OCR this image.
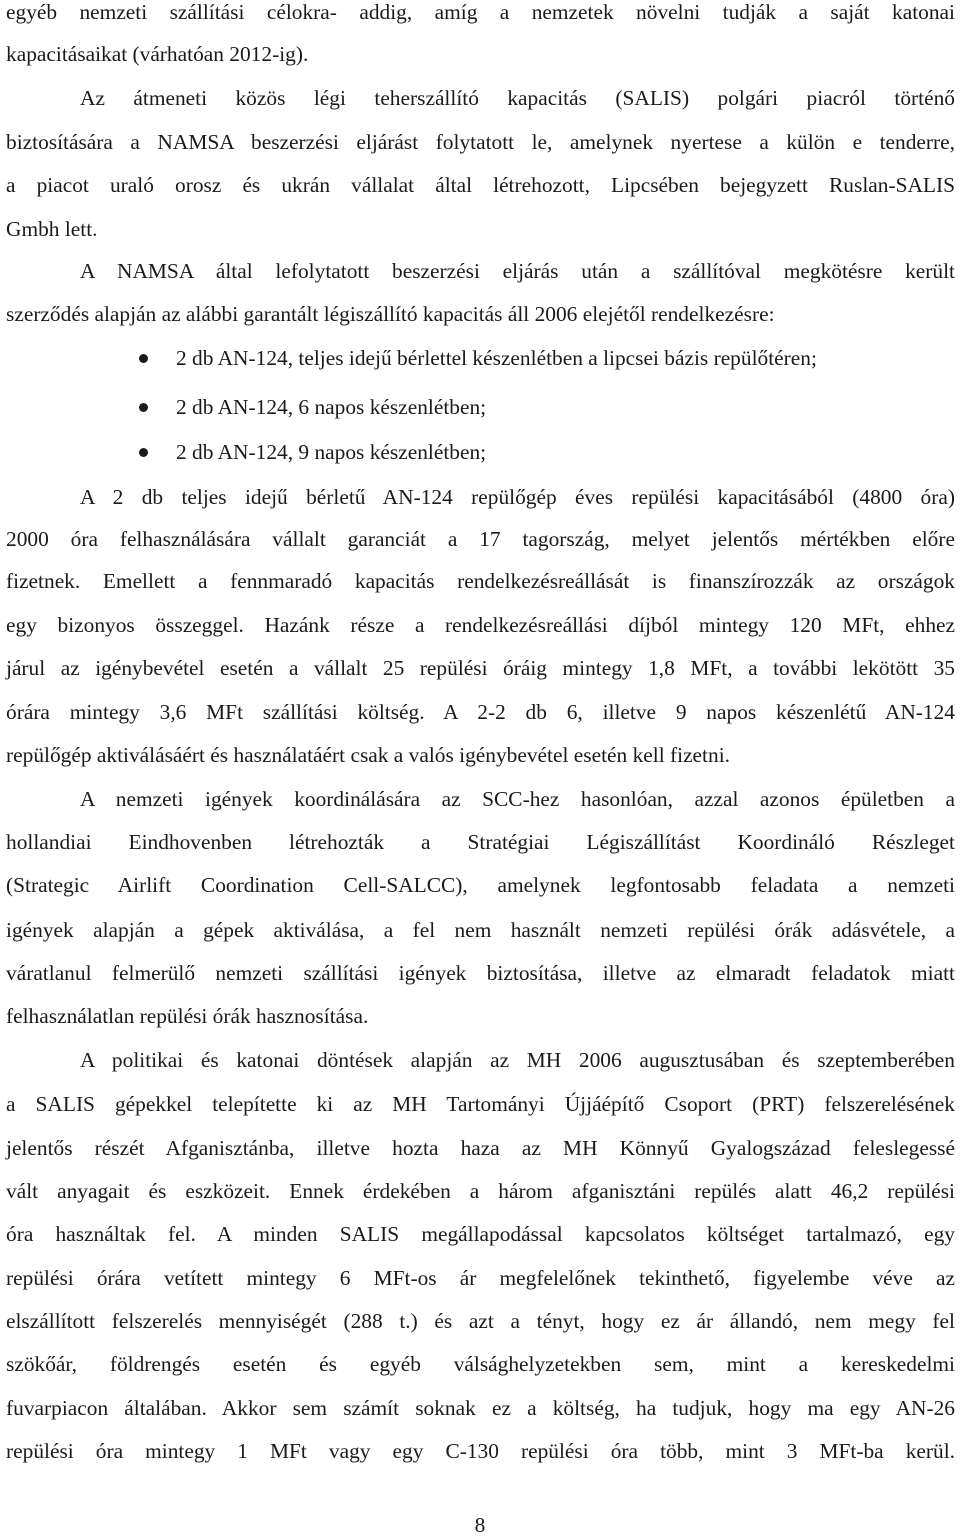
egyéb nemzeti szállítási célokra- addig, amíg a nemzetek növelni tudják a saját katonai
kapacitásaikat (várhatóan 2012-ig).
Az átmeneti közös légi teherszállító kapacitás (SALIS) polgári piacról történő
biztosítására a NAMSA beszerzési eljárást folytatott le, amelynek nyertese a külön e tenderre,
a piacot uraló orosz és ukrán vállalat által létrehozott, Lipcsében bejegyzett Ruslan-SALIS
Gmbh lett.
A NAMSA által lefolytatott beszerzési eljárás után a szállítóval megkötésre került
szerződés alapján az alábbi garantált légiszállító kapacitás áll 2006 elejétől rendelkezésre:
2 db AN-124, teljes idejű bérlettel készenlétben a lipcsei bázis repülőtéren;
2 db AN-124, 6 napos készenlétben;
2 db AN-124, 9 napos készenlétben;
A 2 db teljes idejű bérletű AN-124 repülőgép éves repülési kapacitásából (4800 óra)
2000 óra felhasználására vállalt garanciát a 17 tagország, melyet jelentős mértékben előre
fizetnek. Emellett a fennmaradó kapacitás rendelkezésreállását is finanszírozzák az országok
egy bizonyos összeggel. Hazánk része a rendelkezésreállási díjból mintegy 120 MFt, ehhez
járul az igénybevétel esetén a vállalt 25 repülési óráig mintegy 1,8 MFt, a további lekötött 35
órára mintegy 3,6 MFt szállítási költség. A 2-2 db 6, illetve 9 napos készenlétű AN-124
repülőgép aktiválásáért és használatáért csak a valós igénybevétel esetén kell fizetni.
A nemzeti igények koordinálására az SCC-hez hasonlóan, azzal azonos épületben a
hollandiai Eindhovenben létrehozták a Stratégiai Légiszállítást Koordináló Részleget
(Strategic Airlift Coordination Cell-SALCC), amelynek legfontosabb feladata a nemzeti
igények alapján a gépek aktiválása, a fel nem használt nemzeti repülési órák adásvétele, a
váratlanul felmerülő nemzeti szállítási igények biztosítása, illetve az elmaradt feladatok miatt
felhasználatlan repülési órák hasznosítása.
A politikai és katonai döntések alapján az MH 2006 augusztusában és szeptemberében
a SALIS gépekkel telepítette ki az MH Tartományi Újjáépítő Csoport (PRT) felszerelésének
jelentős részét Afganisztánba, illetve hozta haza az MH Könnyű Gyalogszázad feleslegessé
vált anyagait és eszközeit. Ennek érdekében a három afganisztáni repülés alatt 46,2 repülési
óra használtak fel. A minden SALIS megállapodással kapcsolatos költséget tartalmazó, egy
repülési órára vetített mintegy 6 MFt-os ár megfelelőnek tekinthető, figyelembe véve az
elszállított felszerelés mennyiségét (288 t.) és azt a tényt, hogy ez ár állandó, nem megy fel
szökőár, földrengés esetén és egyéb válsághelyzetekben sem, mint a kereskedelmi
fuvarpiacon általában. Akkor sem számít soknak ez a költség, ha tudjuk, hogy ma egy AN-26
repülési óra mintegy 1 MFt vagy egy C-130 repülési óra több, mint 3 MFt-ba kerül.
8
